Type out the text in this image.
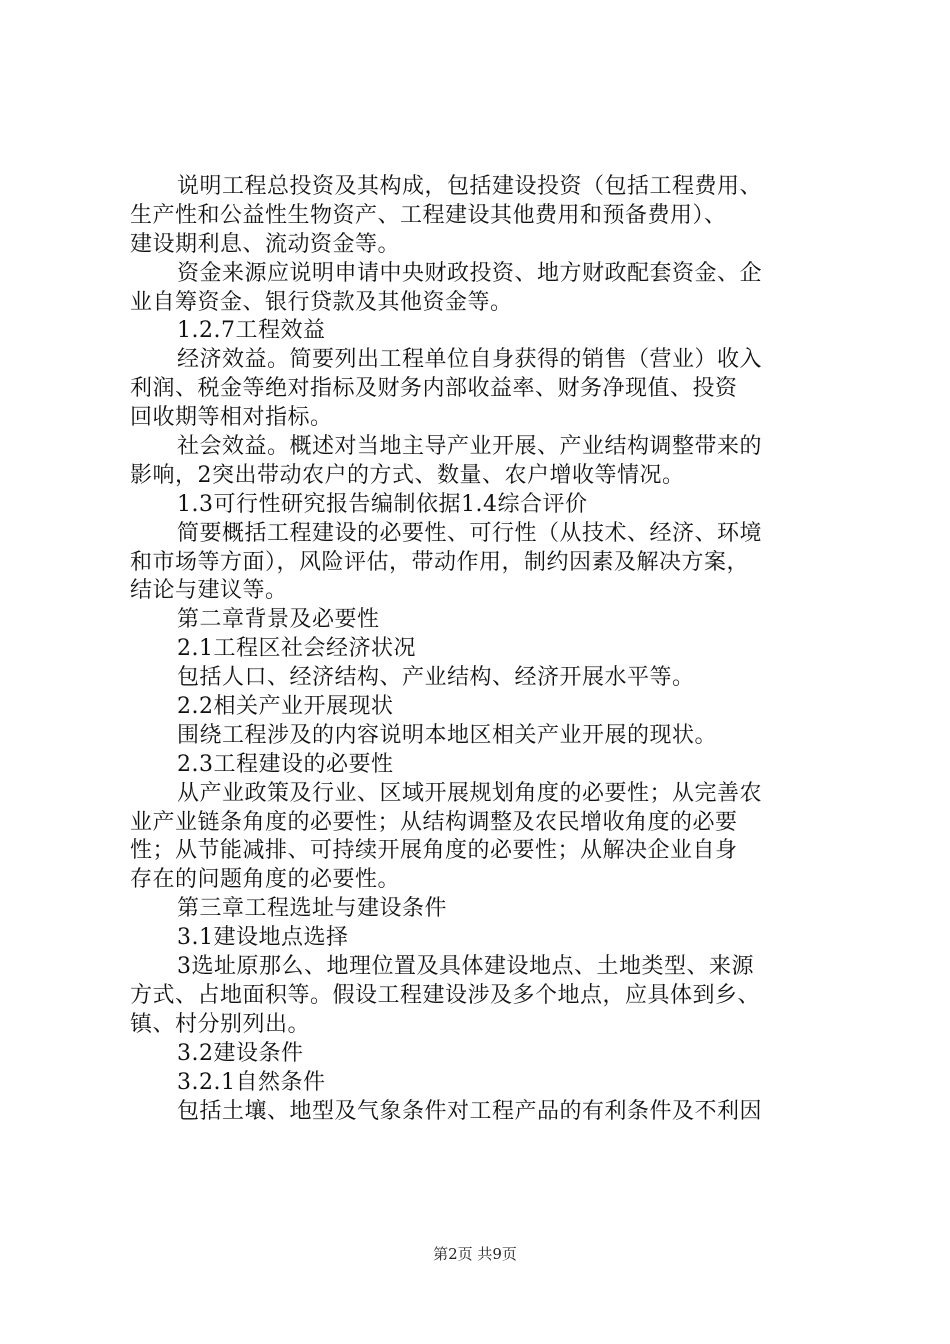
说明工程总投资及其构成，包括建设投资（包括工程费用、
生产性和公益性生物资产、工程建设其他费用和预备费用）、
建设期利息、流动资金等。
资金来源应说明申请中央财政投资、地方财政配套资金、企
业自筹资金、银行贷款及其他资金等。
1.2.7工程效益
经济效益。简要列出工程单位自身获得的销售（营业）收入
利润、税金等绝对指标及财务内部收益率、财务净现值、投资
回收期等相对指标。
社会效益。概述对当地主导产业开展、产业结构调整带来的
影响，2突出带动农户的方式、数量、农户增收等情况。
1.3可行性研究报告编制依据1.4综合评价
简要概括工程建设的必要性、可行性（从技术、经济、环境
和市场等方面），风险评估，带动作用，制约因素及解决方案，
结论与建议等。
第二章背景及必要性
2.1工程区社会经济状况
包括人口、经济结构、产业结构、经济开展水平等。
2.2相关产业开展现状
围绕工程涉及的内容说明本地区相关产业开展的现状。
2.3工程建设的必要性
从产业政策及行业、区域开展规划角度的必要性；从完善农
业产业链条角度的必要性；从结构调整及农民增收角度的必要
性；从节能减排、可持续开展角度的必要性；从解决企业自身
存在的问题角度的必要性。
第三章工程选址与建设条件
3.1建设地点选择
3选址原那么、地理位置及具体建设地点、土地类型、来源
方式、占地面积等。假设工程建设涉及多个地点，应具体到乡、
镇、村分别列出。
3.2建设条件
3.2.1自然条件
包括土壤、地型及气象条件对工程产品的有利条件及不利因
第2页 共9页
